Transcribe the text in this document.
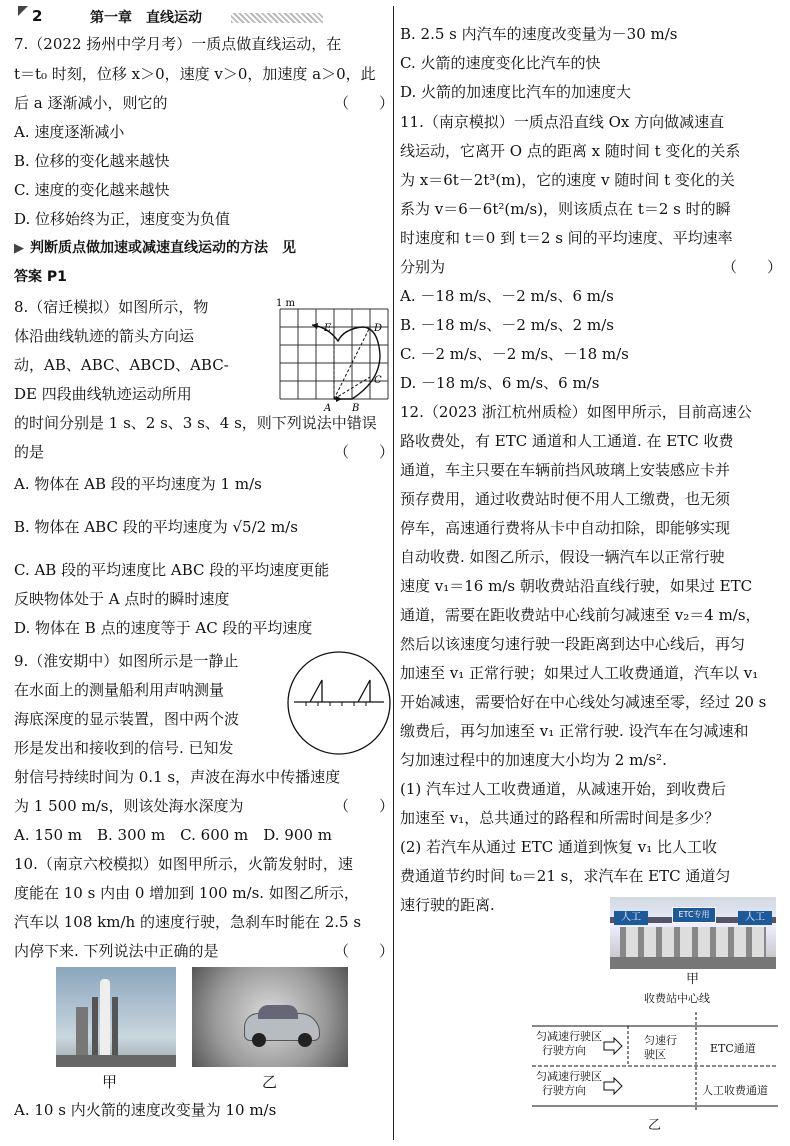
2	第一章　直线运动
7.（2022 扬州中学月考）一质点做直线运动，在
t＝t₀ 时刻，位移 x＞0，速度 v＞0，加速度 a＞0，此
后 a 逐渐减小，则它的
A. 速度逐渐减小
B. 位移的变化越来越快
C. 速度的变化越来越快
D. 位移始终为正，速度变为负值
▶ 判断质点做加速或减速直线运动的方法　见
答案 P1
8.（宿迁模拟）如图所示，物
体沿曲线轨迹的箭头方向运
动，AB、ABC、ABCD、ABC-
DE 四段曲线轨迹运动所用
的时间分别是 1 s、2 s、3 s、4 s，则下列说法中错误
的是
A. 物体在 AB 段的平均速度为 1 m/s
B. 物体在 ABC 段的平均速度为 √5/2 m/s
C. AB 段的平均速度比 ABC 段的平均速度更能
反映物体处于 A 点时的瞬时速度
D. 物体在 B 点的速度等于 AC 段的平均速度
9.（淮安期中）如图所示是一静止
在水面上的测量船利用声呐测量
海底深度的显示装置，图中两个波
形是发出和接收到的信号. 已知发
射信号持续时间为 0.1 s，声波在海水中传播速度
为 1 500 m/s，则该处海水深度为
A. 150 m　B. 300 m　C. 600 m　D. 900 m
10.（南京六校模拟）如图甲所示，火箭发射时，速
度能在 10 s 内由 0 增加到 100 m/s. 如图乙所示，
汽车以 108 km/h 的速度行驶，急刹车时能在 2.5 s
内停下来. 下列说法中正确的是
A. 10 s 内火箭的速度改变量为 10 m/s
（　　）
（　　）
（　　）
（　　）
1 m
A B
C
D
E
甲	乙
B. 2.5 s 内汽车的速度改变量为－30 m/s
C. 火箭的速度变化比汽车的快
D. 火箭的加速度比汽车的加速度大
11.（南京模拟）一质点沿直线 Ox 方向做减速直
线运动，它离开 O 点的距离 x 随时间 t 变化的关系
为 x＝6t－2t³(m)，它的速度 v 随时间 t 变化的关
系为 v＝6－6t²(m/s)，则该质点在 t＝2 s 时的瞬
时速度和 t＝0 到 t＝2 s 间的平均速度、平均速率
分别为
A. －18 m/s、－2 m/s、6 m/s
B. －18 m/s、－2 m/s、2 m/s
C. －2 m/s、－2 m/s、－18 m/s
D. －18 m/s、6 m/s、6 m/s
12.（2023 浙江杭州质检）如图甲所示，目前高速公
路收费处，有 ETC 通道和人工通道. 在 ETC 收费
通道，车主只要在车辆前挡风玻璃上安装感应卡并
预存费用，通过收费站时便不用人工缴费，也无须
停车，高速通行费将从卡中自动扣除，即能够实现
自动收费. 如图乙所示，假设一辆汽车以正常行驶
速度 v₁＝16 m/s 朝收费站沿直线行驶，如果过 ETC
通道，需要在距收费站中心线前匀减速至 v₂＝4 m/s，
然后以该速度匀速行驶一段距离到达中心线后，再匀
加速至 v₁ 正常行驶；如果过人工收费通道，汽车以 v₁
开始减速，需要恰好在中心线处匀减速至零，经过 20 s
缴费后，再匀加速至 v₁ 正常行驶. 设汽车在匀减速和
匀加速过程中的加速度大小均为 2 m/s².
(1) 汽车过人工收费通道，从减速开始，到收费后
加速至 v₁，总共通过的路程和所需时间是多少？
(2) 若汽车从通过 ETC 通道到恢复 v₁ 比人工收
费通道节约时间 t₀＝21 s，求汽车在 ETC 通道匀
速行驶的距离.
（　　）
人工	ETC专用	人工
甲
收费站中心线
匀减速行驶区
行驶方向
匀速行驶区	ETC通道
匀减速行驶区
行驶方向	人工收费通道
乙
